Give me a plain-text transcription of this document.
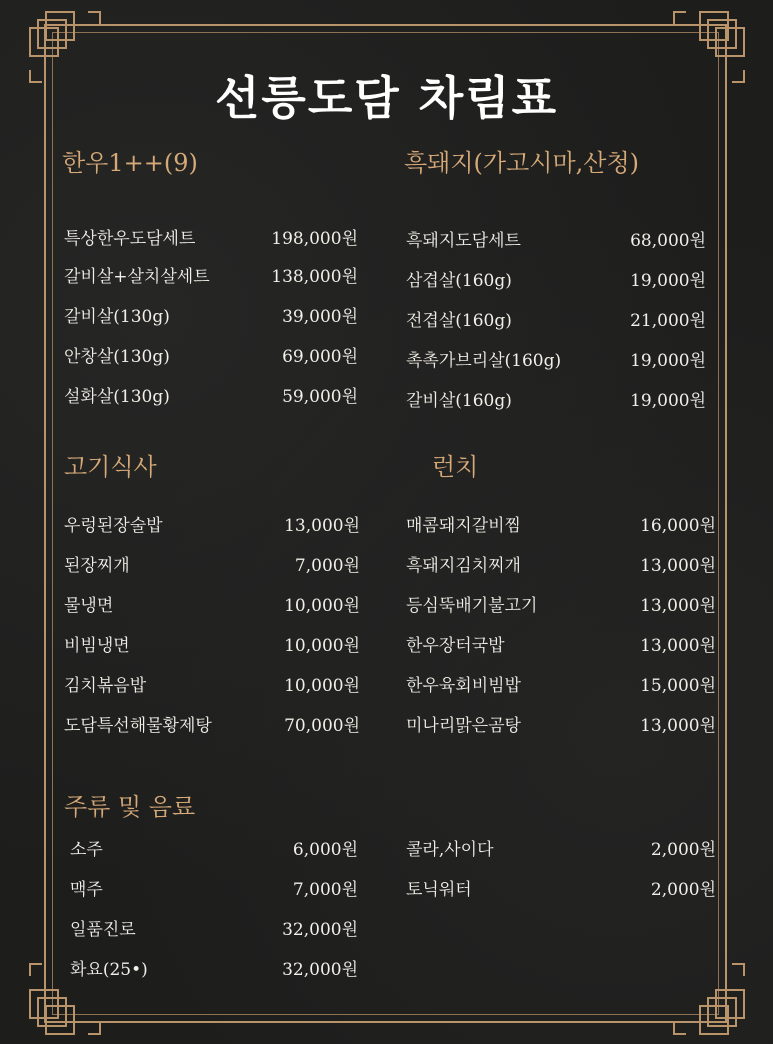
선릉도담 차림표
한우1++(9)	흑돼지(가고시마,산청)
고기식사	런치
주류 및 음료
특상한우도담세트	198,000원
갈비살+살치살세트	138,000원
갈비살(130g)	39,000원
안창살(130g)	69,000원
설화살(130g)	59,000원
흑돼지도담세트	68,000원
삼겹살(160g)	19,000원
전겹살(160g)	21,000원
촉촉가브리살(160g)	19,000원
갈비살(160g)	19,000원
우렁된장술밥	13,000원
된장찌개	7,000원
물냉면	10,000원
비빔냉면	10,000원
김치볶음밥	10,000원
도담특선해물황제탕	70,000원
매콤돼지갈비찜	16,000원
흑돼지김치찌개	13,000원
등심뚝배기불고기	13,000원
한우장터국밥	13,000원
한우육회비빔밥	15,000원
미나리맑은곰탕	13,000원
소주	6,000원
맥주	7,000원
일품진로	32,000원
화요(25•)	32,000원
콜라,사이다	2,000원
토닉워터	2,000원
